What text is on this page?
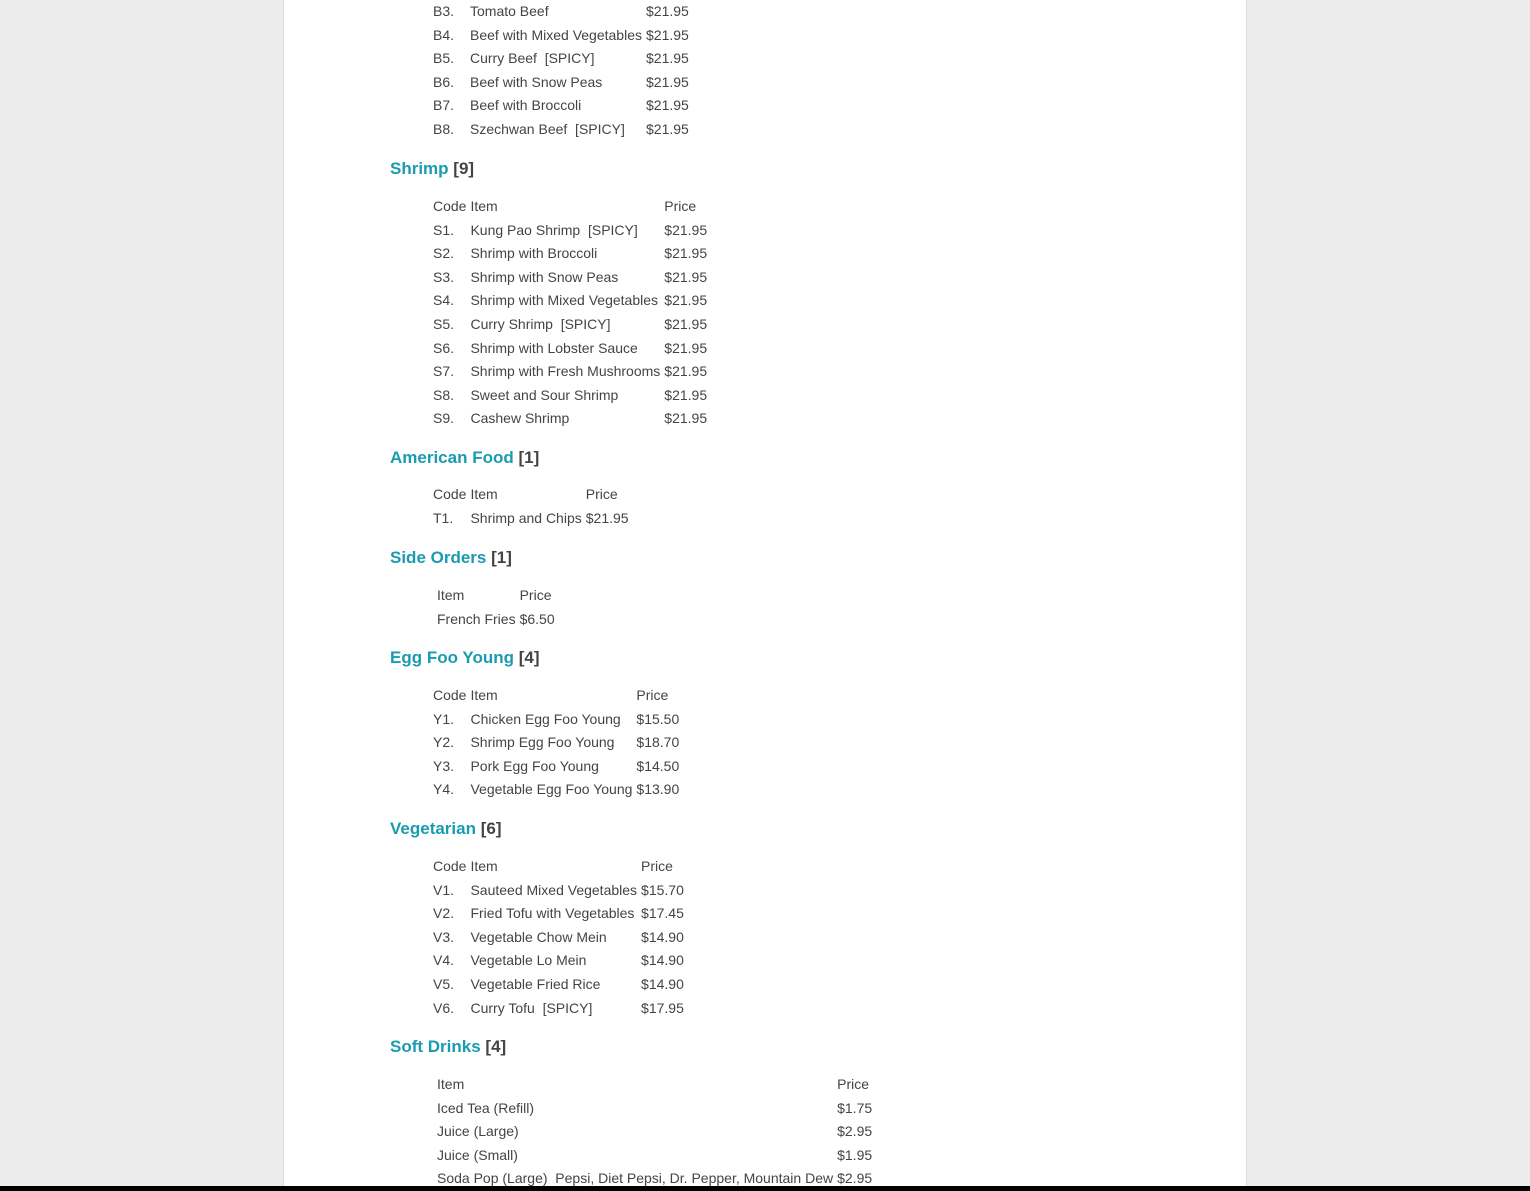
B3.	Tomato Beef	$21.95
B4.	Beef with Mixed Vegetables	$21.95
B5.	Curry Beef  [SPICY]	$21.95
B6.	Beef with Snow Peas	$21.95
B7.	Beef with Broccoli	$21.95
B8.	Szechwan Beef  [SPICY]	$21.95
Shrimp [9]
Code	Item	Price
S1.	Kung Pao Shrimp  [SPICY]	$21.95
S2.	Shrimp with Broccoli	$21.95
S3.	Shrimp with Snow Peas	$21.95
S4.	Shrimp with Mixed Vegetables	$21.95
S5.	Curry Shrimp  [SPICY]	$21.95
S6.	Shrimp with Lobster Sauce	$21.95
S7.	Shrimp with Fresh Mushrooms	$21.95
S8.	Sweet and Sour Shrimp	$21.95
S9.	Cashew Shrimp	$21.95
American Food [1]
Code	Item	Price
T1.	Shrimp and Chips	$21.95
Side Orders [1]
Item	Price
French Fries	$6.50
Egg Foo Young [4]
Code	Item	Price
Y1.	Chicken Egg Foo Young	$15.50
Y2.	Shrimp Egg Foo Young	$18.70
Y3.	Pork Egg Foo Young	$14.50
Y4.	Vegetable Egg Foo Young	$13.90
Vegetarian [6]
Code	Item	Price
V1.	Sauteed Mixed Vegetables	$15.70
V2.	Fried Tofu with Vegetables	$17.45
V3.	Vegetable Chow Mein	$14.90
V4.	Vegetable Lo Mein	$14.90
V5.	Vegetable Fried Rice	$14.90
V6.	Curry Tofu  [SPICY]	$17.95
Soft Drinks [4]
Item	Price
Iced Tea (Refill)	$1.75
Juice (Large)	$2.95
Juice (Small)	$1.95
Soda Pop (Large)  Pepsi, Diet Pepsi, Dr. Pepper, Mountain Dew	$2.95
